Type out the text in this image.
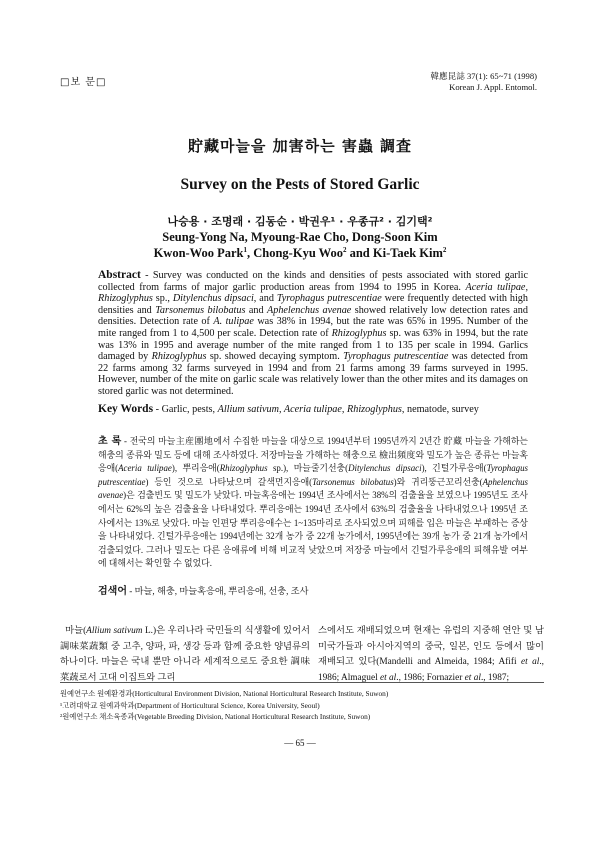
□보 문□
韓應昆誌 37(1): 65~71 (1998)
Korean J. Appl. Entomol.
貯藏마늘을 加害하는 害蟲 調査
Survey on the Pests of Stored Garlic
나승용 · 조명래 · 김동순 · 박권우¹ · 우종규² · 김기택²
Seung-Yong Na, Myoung-Rae Cho, Dong-Soon Kim
Kwon-Woo Park$^1$, Chong-Kyu Woo$^2$ and Ki-Taek Kim$^2$
Abstract - Survey was conducted on the kinds and densities of pests associated with stored garlic collected from farms of major garlic production areas from 1994 to 1995 in Korea. Aceria tulipae, Rhizoglyphus sp., Ditylenchus dipsaci, and Tyrophagus putrescentiae were frequently detected with high densities and Tarsonemus bilobatus and Aphelenchus avenae showed relatively low detection rates and densities. Detection rate of A. tulipae was 38% in 1994, but the rate was 65% in 1995. Number of the mite ranged from 1 to 4,500 per scale. Detection rate of Rhizoglyphus sp. was 63% in 1994, but the rate was 13% in 1995 and average number of the mite ranged from 1 to 135 per scale in 1994. Garlics damaged by Rhizoglyphus sp. showed decaying symptom. Tyrophagus putrescentiae was detected from 22 farms among 32 farms surveyed in 1994 and from 21 farms among 39 farms surveyed in 1995. However, number of the mite on garlic scale was relatively lower than the other mites and its damages on stored garlic was not determined.
Key Words - Garlic, pests, Allium sativum, Aceria tulipae, Rhizoglyphus, nematode, survey
초 록 - 전국의 마늘主産團地에서 수집한 마늘을 대상으로 1994년부터 1995년까지 2년간 貯藏 마늘을 가해하는 해충의 종류와 밀도 등에 대해 조사하였다. 저장마늘을 가해하는 해충으로 檢出頻度와 밀도가 높은 종류는 마늘혹응애(Aceria tulipae), 뿌리응애(Rhizoglyphus sp.), 마늘줄기선충(Ditylenchus dipsaci), 긴털가루응애(Tyrophagus putrescentiae) 등인 것으로 나타났으며 갈색먼지응애(Tarsonemus bilobatus)와 귀리뚱근꼬리선충(Aphelenchus avenae)은 검출빈도 및 밀도가 낮았다. 마늘혹응애는 1994년 조사에서는 38%의 검출율을 보였으나 1995년도 조사에서는 62%의 높은 검출율을 나타내었다. 뿌리응애는 1994년 조사에서 63%의 검출율을 나타내었으나 1995년 조사에서는 13%로 낮았다. 마늘 인편당 뿌리응애수는 1~135마리로 조사되었으며 피해를 입은 마늘은 부패하는 증상을 나타내었다. 긴털가루응애는 1994년에는 32개 농가 중 22개 농가에서, 1995년에는 39개 농가 중 21개 농가에서 검출되었다. 그러나 밀도는 다른 응애류에 비해 비교적 낮았으며 저장중 마늘에서 긴털가루응애의 피해유발 여부에 대해서는 확인할 수 없었다.
검색어 - 마늘, 해충, 마늘혹응애, 뿌리응애, 선충, 조사
마늘(Allium sativum L.)은 우리나라 국민들의 식생활에 있어서 調味菜蔬類 중 고추, 양파, 파, 생강 등과 함께 중요한 양념류의 하나이다. 마늘은 국내 뿐만 아니라 세계적으로도 중요한 調味菜蔬로서 고대 이집트와 그리
스에서도 재배되었으며 현재는 유럽의 지중해 연안 및 남미국가들과 아시아지역의 중국, 일본, 인도 등에서 많이 재배되고 있다(Mandelli and Almeida, 1984; Afifi et al., 1986; Almaguel et al., 1986; Fornazier et al., 1987;
원예연구소 원예환경과(Horticultural Environment Division, National Horticultural Research Institute, Suwon)
¹고려대학교 원예과학과(Department of Horticultural Science, Korea University, Seoul)
²원예연구소 채소육종과(Vegetable Breeding Division, National Horticultural Research Institute, Suwon)
— 65 —
